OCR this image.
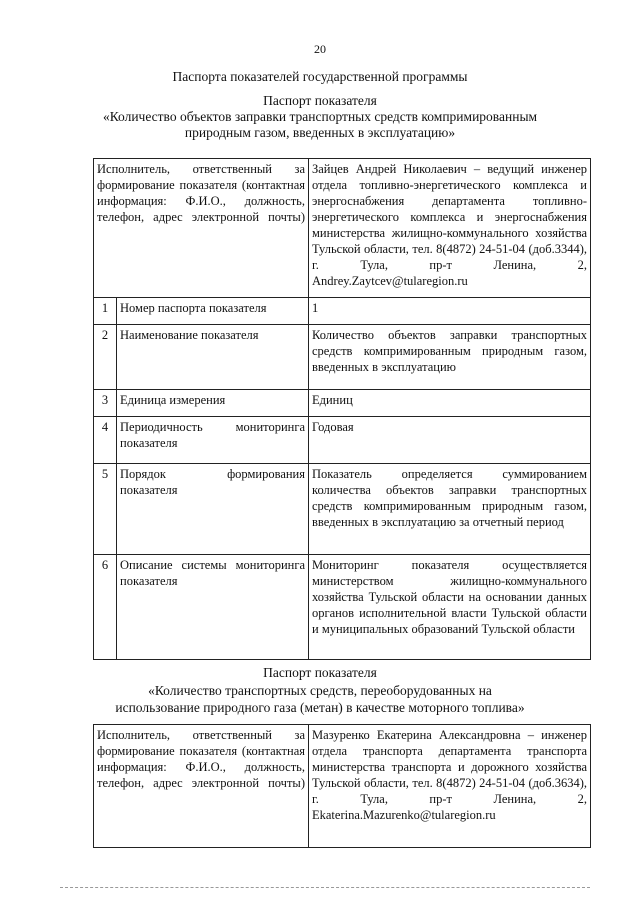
20
Паспорта показателей государственной программы
Паспорт показателя
«Количество объектов заправки транспортных средств компримированным
природным газом, введенных в эксплуатацию»
Исполнитель, ответственный за формирование показателя (контактная информация: Ф.И.О., должность, телефон, адрес электронной почты)		Зайцев Андрей Николаевич – ведущий инженер отдела топливно-энергетического комплекса и энергоснабжения департамента топливно-энергетического комплекса и энергоснабжения министерства жилищно-коммунального хозяйства Тульской области, тел. 8(4872) 24-51-04 (доб.3344), г. Тула, пр-т Ленина, 2, Andrey.Zaytcev@tularegion.ru
1	Номер паспорта показателя	1
2	Наименование показателя	Количество объектов заправки транспортных средств компримированным природным газом, введенных в эксплуатацию
3	Единица измерения	Единиц
4	Периодичность мониторинга показателя	Годовая
5	Порядок формирования показателя	Показатель определяется суммированием количества объектов заправки транспортных средств компримированным природным газом, введенных в эксплуатацию за отчетный период
6	Описание системы мониторинга показателя	Мониторинг показателя осуществляется министерством жилищно-коммунального хозяйства Тульской области на основании данных органов исполнительной власти Тульской области и муниципальных образований Тульской области
Паспорт показателя
«Количество транспортных средств, переоборудованных на
использование природного газа (метан) в качестве моторного топлива»
Исполнитель, ответственный за формирование показателя (контактная информация: Ф.И.О., должность, телефон, адрес электронной почты)	Мазуренко Екатерина Александровна – инженер отдела транспорта департамента транспорта министерства транспорта и дорожного хозяйства Тульской области, тел. 8(4872) 24-51-04 (доб.3634), г. Тула, пр-т Ленина, 2, Ekaterina.Mazurenko@tularegion.ru
